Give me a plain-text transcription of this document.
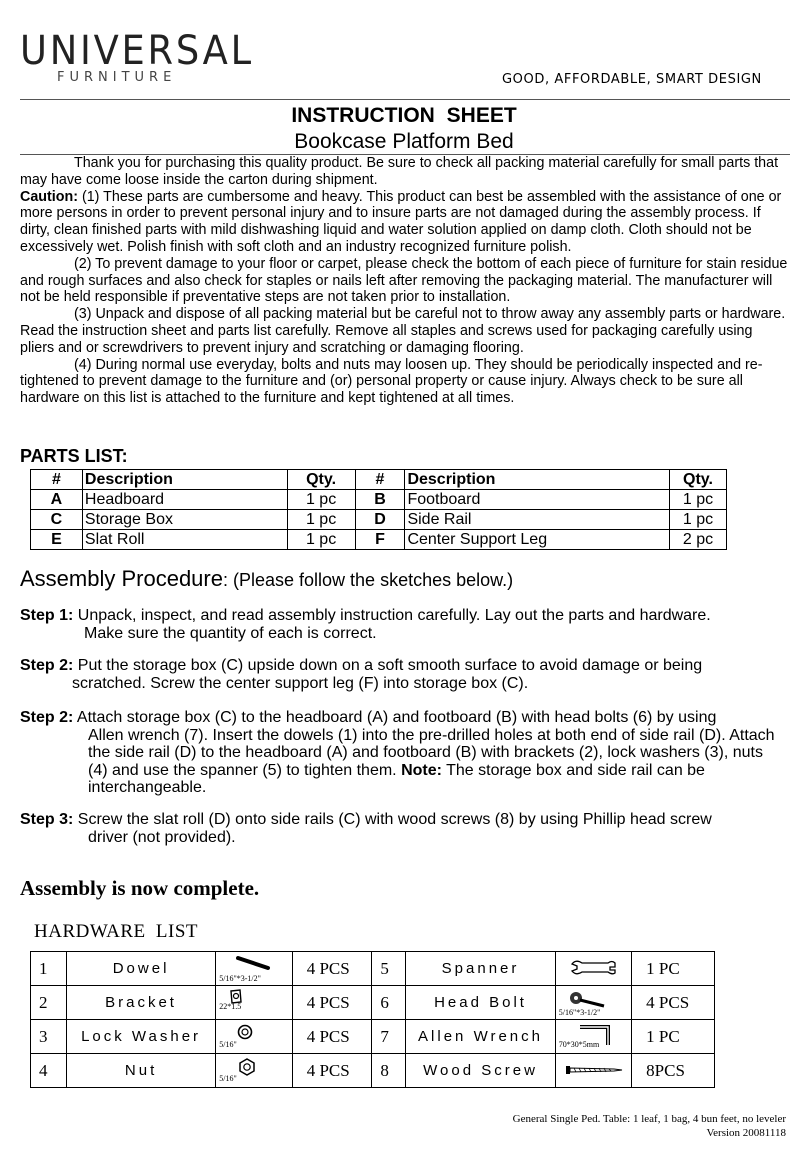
UNIVERSAL
FURNITURE	GOOD, AFFORDABLE, SMART DESIGN
INSTRUCTION SHEET
Bookcase Platform Bed

Thank you for purchasing this quality product. Be sure to check all packing material carefully for small parts that may have come loose inside the carton during shipment.

Caution: (1) These parts are cumbersome and heavy. This product can best be assembled with the assistance of one or more persons in order to prevent personal injury and to insure parts are not damaged during the assembly process. If dirty, clean finished parts with mild dishwashing liquid and water solution applied on damp cloth. Cloth should not be excessively wet. Polish finish with soft cloth and an industry recognized furniture polish.

(2) To prevent damage to your floor or carpet, please check the bottom of each piece of furniture for stain residue and rough surfaces and also check for staples or nails left after removing the packaging material. The manufacturer will not be held responsible if preventative steps are not taken prior to installation.

(3) Unpack and dispose of all packing material but be careful not to throw away any assembly parts or hardware. Read the instruction sheet and parts list carefully. Remove all staples and screws used for packaging carefully using pliers and or screwdrivers to prevent injury and scratching or damaging flooring.

(4) During normal use everyday, bolts and nuts may loosen up. They should be periodically inspected and re-tightened to prevent damage to the furniture and (or) personal property or cause injury. Always check to be sure all hardware on this list is attached to the furniture and kept tightened at all times.

PARTS LIST:
#	Description	Qty.	#	Description	Qty.
A	Headboard	1 pc	B	Footboard	1 pc
C	Storage Box	1 pc	D	Side Rail	1 pc
E	Slat Roll	1 pc	F	Center Support Leg	2 pc
Assembly Procedure: (Please follow the sketches below.)
Step 1: Unpack, inspect, and read assembly instruction carefully. Lay out the parts and hardware.
Make sure the quantity of each is correct.
Step 2: Put the storage box (C) upside down on a soft smooth surface to avoid damage or being
scratched. Screw the center support leg (F) into storage box (C).
Step 2: Attach storage box (C) to the headboard (A) and footboard (B) with head bolts (6) by using
Allen wrench (7). Insert the dowels (1) into the pre-drilled holes at both end of side rail (D). Attach the side rail (D) to the headboard (A) and footboard (B) with brackets (2), lock washers (3), nuts (4) and use the spanner (5) to tighten them. Note: The storage box and side rail can be interchangeable.
Step 3: Screw the slat roll (D) onto side rails (C) with wood screws (8) by using Phillip head screw
driver (not provided).
Assembly is now complete.
HARDWARE LIST
1	Dowel	5/16"*3-1/2"	4 PCS	5	Spanner		1 PC
2	Bracket	22*1.5	4 PCS	6	Head Bolt	5/16"*3-1/2"	4 PCS
3	Lock Washer	5/16"	4 PCS	7	Allen Wrench	70*30*5mm	1 PC
4	Nut	5/16"	4 PCS	8	Wood Screw		8PCS
General Single Ped. Table: 1 leaf, 1 bag, 4 bun feet, no leveler
Version 20081118
